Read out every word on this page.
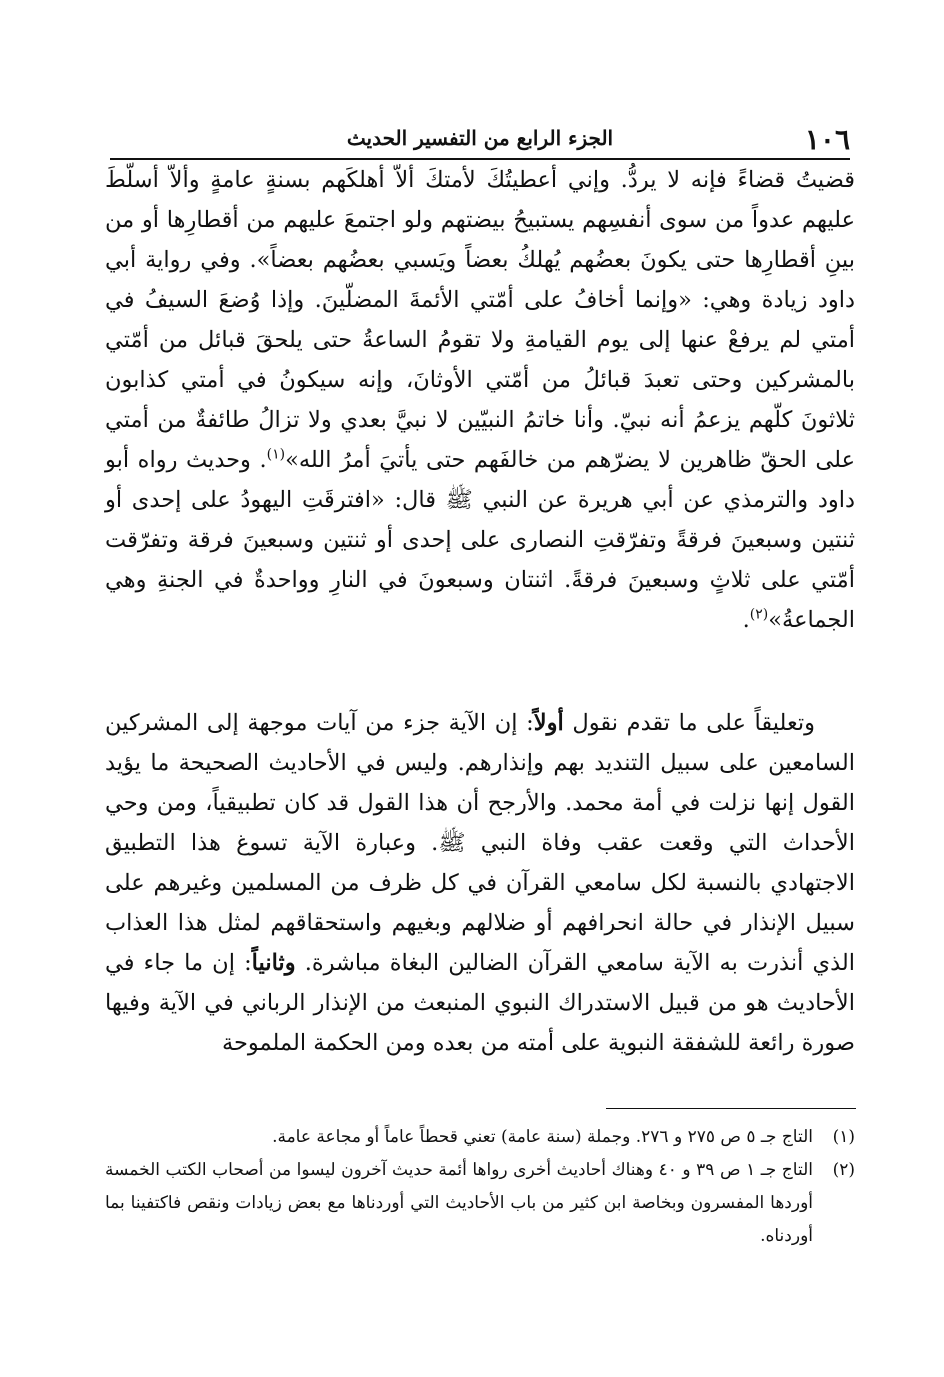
١٠٦
الجزء الرابع من التفسير الحديث

قضيتُ قضاءً فإنه لا يردُّ. وإني أعطيتُكَ لأمتكَ ألاّ أهلكَهم بسنةٍ عامةٍ وألاّ أسلّطَ عليهم عدواً من سوى أنفسِهم يستبيحُ بيضتهم ولو اجتمعَ عليهم من أقطارِها أو من بينِ أقطارِها حتى يكونَ بعضُهم يُهلكُ بعضاً ويَسبي بعضُهم بعضاً». وفي رواية أبي داود زيادة وهي: «وإنما أخافُ على أمّتي الأئمةَ المضلّينَ. وإذا وُضعَ السيفُ في أمتي لم يرفعْ عنها إلى يوم القيامةِ ولا تقومُ الساعةُ حتى يلحقَ قبائل من أمّتي بالمشركين وحتى تعبدَ قبائلُ من أمّتي الأوثانَ، وإنه سيكونُ في أمتي كذابون ثلاثونَ كلّهم يزعمُ أنه نبيّ. وأنا خاتمُ النبيّين لا نبيَّ بعدي ولا تزالُ طائفةٌ من أمتي على الحقّ ظاهرين لا يضرّهم من خالفَهم حتى يأتيَ أمرُ الله»$^{(١)}$. وحديث رواه أبو داود والترمذي عن أبي هريرة عن النبي ﷺ قال: «افترقَتِ اليهودُ على إحدى أو ثنتين وسبعينَ فرقةً وتفرّقتِ النصارى على إحدى أو ثنتين وسبعينَ فرقة وتفرّقت أمّتي على ثلاثٍ وسبعينَ فرقةً. اثنتان وسبعونَ في النارِ وواحدةٌ في الجنةِ وهي الجماعةُ»$^{(٢)}$.

وتعليقاً على ما تقدم نقول أولاً: إن الآية جزء من آيات موجهة إلى المشركين السامعين على سبيل التنديد بهم وإنذارهم. وليس في الأحاديث الصحيحة ما يؤيد القول إنها نزلت في أمة محمد. والأرجح أن هذا القول قد كان تطبيقياً، ومن وحي الأحداث التي وقعت عقب وفاة النبي ﷺ. وعبارة الآية تسوغ هذا التطبيق الاجتهادي بالنسبة لكل سامعي القرآن في كل ظرف من المسلمين وغيرهم على سبيل الإنذار في حالة انحرافهم أو ضلالهم وبغيهم واستحقاقهم لمثل هذا العذاب الذي أنذرت به الآية سامعي القرآن الضالين البغاة مباشرة. وثانياً: إن ما جاء في الأحاديث هو من قبيل الاستدراك النبوي المنبعث من الإنذار الرباني في الآية وفيها صورة رائعة للشفقة النبوية على أمته من بعده ومن الحكمة الملموحة

(١)
التاج جـ ٥ ص ٢٧٥ و ٢٧٦. وجملة (سنة عامة) تعني قحطاً عاماً أو مجاعة عامة.
(٢)
التاج جـ ١ ص ٣٩ و ٤٠ وهناك أحاديث أخرى رواها أئمة حديث آخرون ليسوا من أصحاب الكتب الخمسة أوردها المفسرون وبخاصة ابن كثير من باب الأحاديث التي أوردناها مع بعض زيادات ونقص فاكتفينا بما أوردناه.
